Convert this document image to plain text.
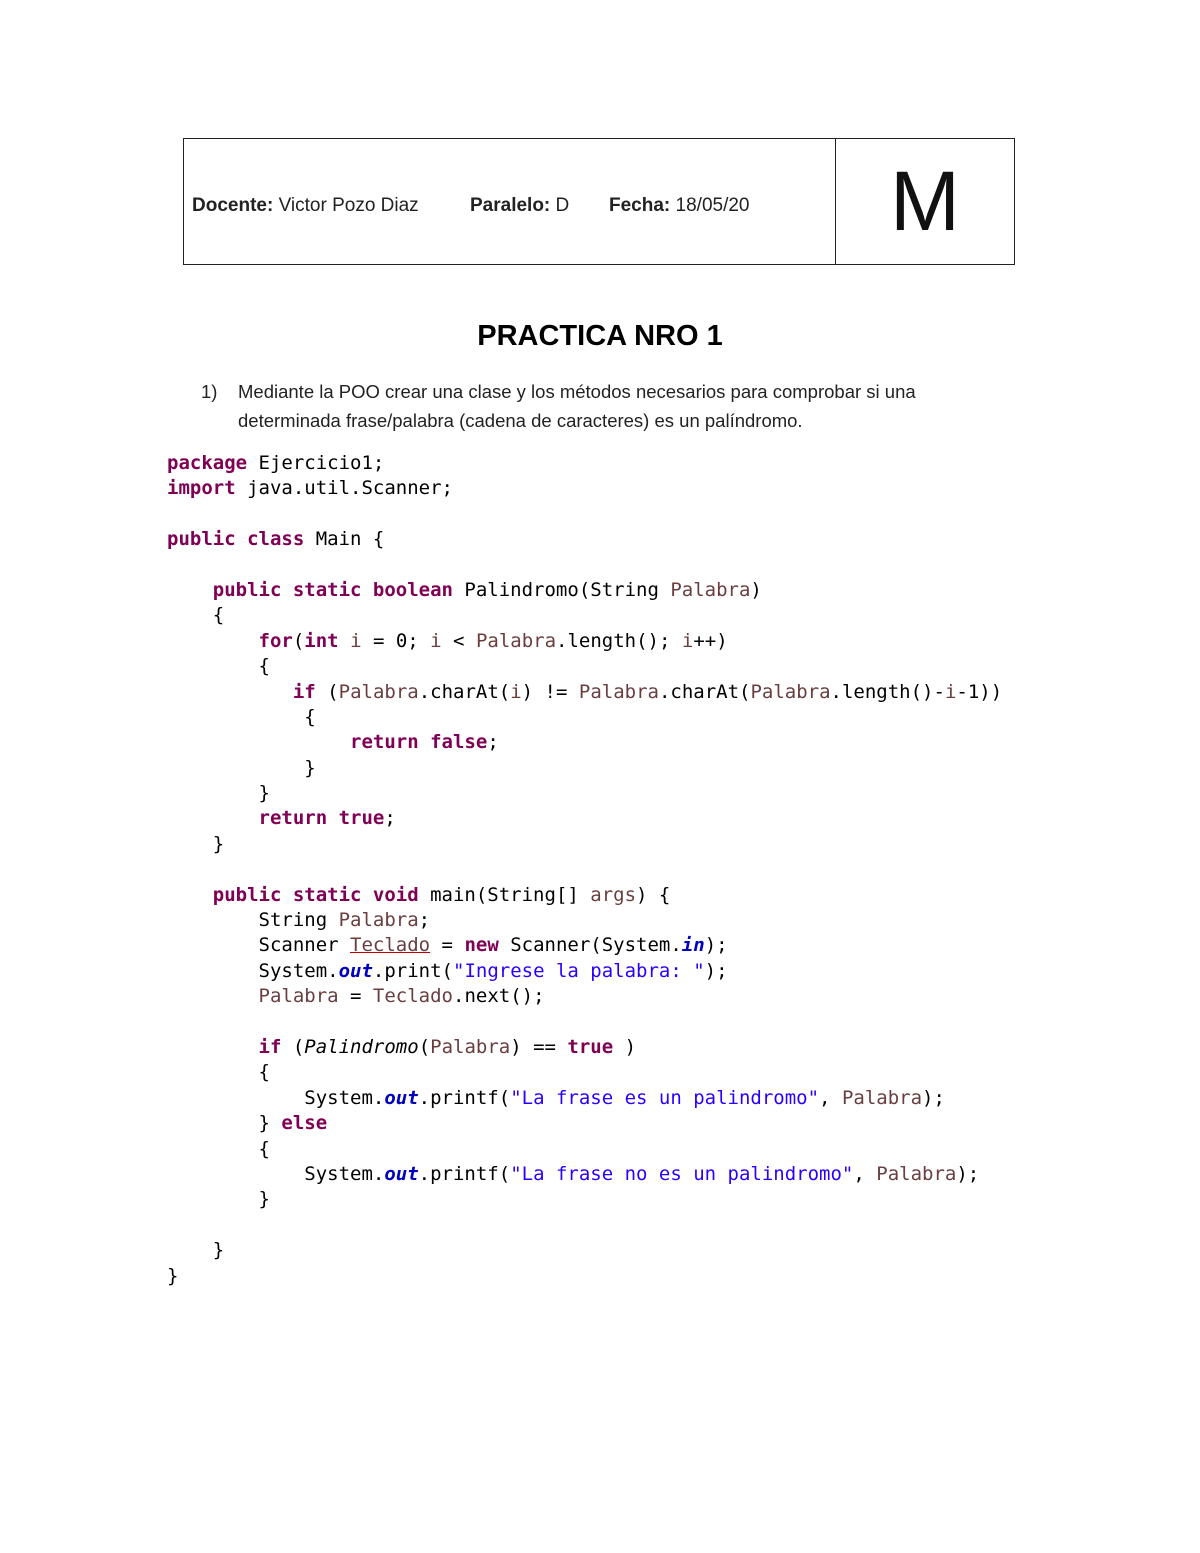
Docente: Victor Pozo Diaz	Paralelo: D	Fecha: 18/05/20	M
PRACTICA NRO 1
1) Mediante la POO crear una clase y los métodos necesarios para comprobar si una
determinada frase/palabra (cadena de caracteres) es un palíndromo.
package Ejercicio1;
import java.util.Scanner;

public class Main {

public static boolean Palindromo(String Palabra)
{
for(int i = 0; i < Palabra.length(); i++)
{
if (Palabra.charAt(i) != Palabra.charAt(Palabra.length()-i-1))
{
return false;
}
}
return true;
}

public static void main(String[] args) {
String Palabra;
Scanner Teclado = new Scanner(System.in);
System.out.print("Ingrese la palabra: ");
Palabra = Teclado.next();

if (Palindromo(Palabra) == true )
{
System.out.printf("La frase es un palindromo", Palabra);
} else
{
System.out.printf("La frase no es un palindromo", Palabra);
}

}
}
